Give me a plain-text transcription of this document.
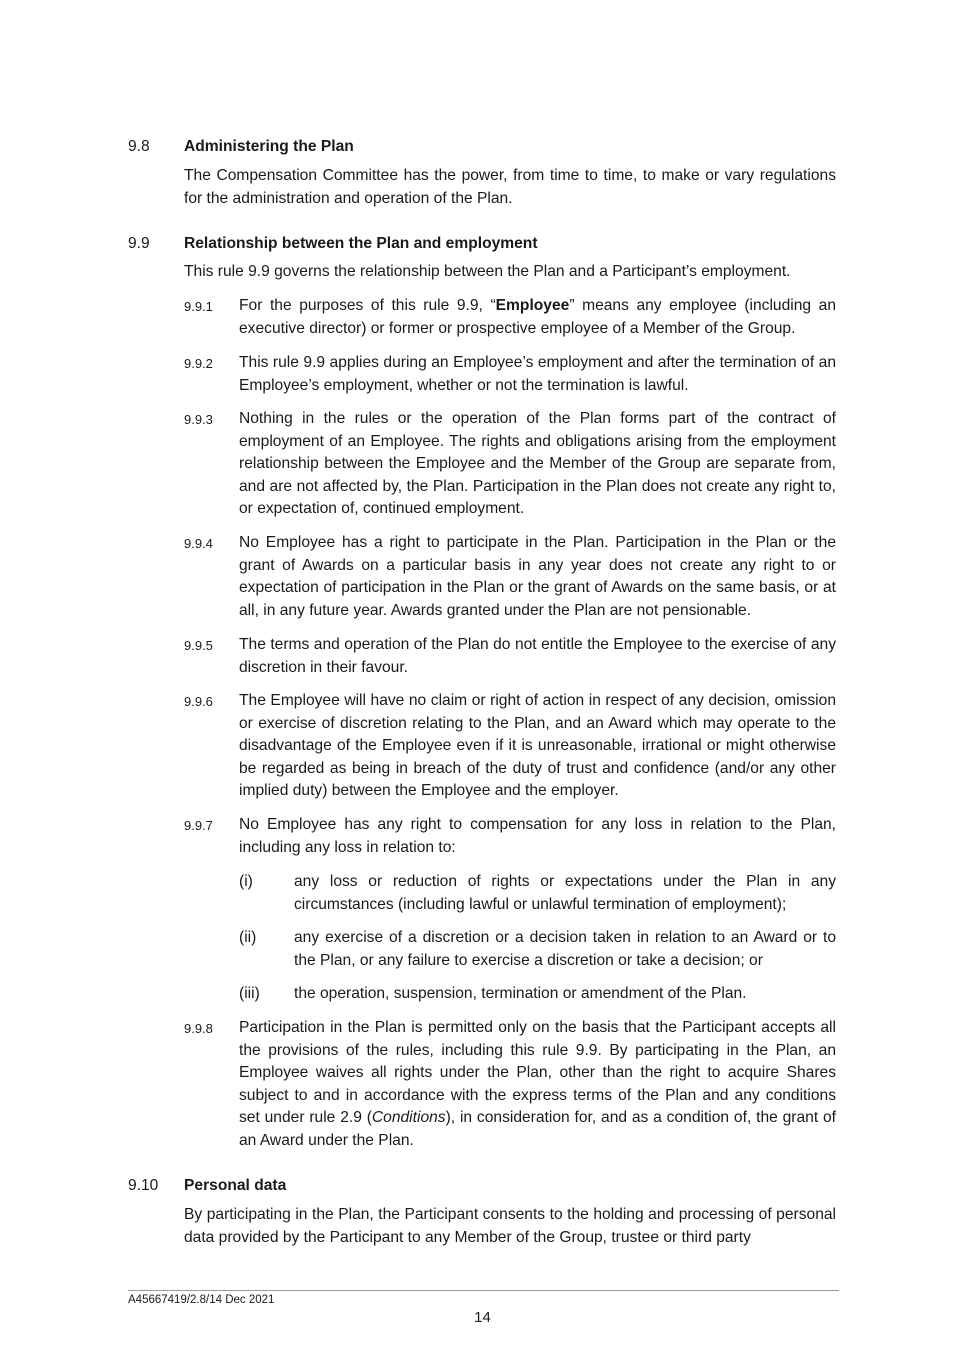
9.8	Administering the Plan
The Compensation Committee has the power, from time to time, to make or vary regulations for the administration and operation of the Plan.
9.9	Relationship between the Plan and employment
This rule 9.9 governs the relationship between the Plan and a Participant’s employment.
9.9.1	For the purposes of this rule 9.9, “Employee” means any employee (including an executive director) or former or prospective employee of a Member of the Group.
9.9.2	This rule 9.9 applies during an Employee’s employment and after the termination of an Employee’s employment, whether or not the termination is lawful.
9.9.3	Nothing in the rules or the operation of the Plan forms part of the contract of employment of an Employee. The rights and obligations arising from the employment relationship between the Employee and the Member of the Group are separate from, and are not affected by, the Plan. Participation in the Plan does not create any right to, or expectation of, continued employment.
9.9.4	No Employee has a right to participate in the Plan. Participation in the Plan or the grant of Awards on a particular basis in any year does not create any right to or expectation of participation in the Plan or the grant of Awards on the same basis, or at all, in any future year. Awards granted under the Plan are not pensionable.
9.9.5	The terms and operation of the Plan do not entitle the Employee to the exercise of any discretion in their favour.
9.9.6	The Employee will have no claim or right of action in respect of any decision, omission or exercise of discretion relating to the Plan, and an Award which may operate to the disadvantage of the Employee even if it is unreasonable, irrational or might otherwise be regarded as being in breach of the duty of trust and confidence (and/or any other implied duty) between the Employee and the employer.
9.9.7	No Employee has any right to compensation for any loss in relation to the Plan, including any loss in relation to:
(i)	any loss or reduction of rights or expectations under the Plan in any circumstances (including lawful or unlawful termination of employment);
(ii)	any exercise of a discretion or a decision taken in relation to an Award or to the Plan, or any failure to exercise a discretion or take a decision; or
(iii)	the operation, suspension, termination or amendment of the Plan.
9.9.8	Participation in the Plan is permitted only on the basis that the Participant accepts all the provisions of the rules, including this rule 9.9. By participating in the Plan, an Employee waives all rights under the Plan, other than the right to acquire Shares subject to and in accordance with the express terms of the Plan and any conditions set under rule 2.9 (Conditions), in consideration for, and as a condition of, the grant of an Award under the Plan.
9.10	Personal data
By participating in the Plan, the Participant consents to the holding and processing of personal data provided by the Participant to any Member of the Group, trustee or third party
A45667419/2.8/14 Dec 2021
14
